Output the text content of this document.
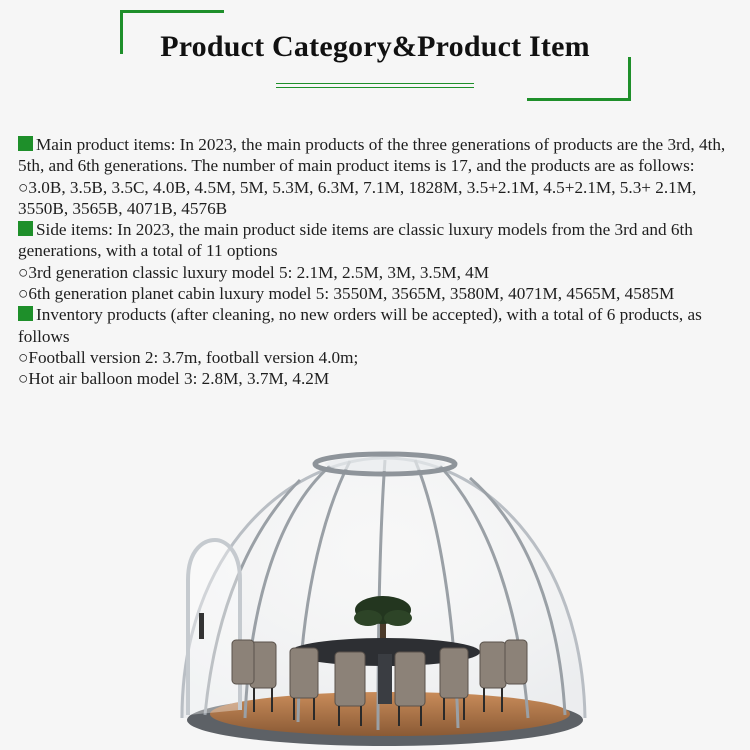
Product Category&Product Item

Main product items: In 2023, the main products of the three generations of products are the 3rd, 4th, 5th, and 6th generations. The number of main product items is 17, and the products are as follows:

○3.0B, 3.5B, 3.5C, 4.0B, 4.5M, 5M, 5.3M, 6.3M, 7.1M, 1828M, 3.5+2.1M, 4.5+2.1M, 5.3+ 2.1M, 3550B, 3565B, 4071B, 4576B

Side items: In 2023, the main product side items are classic luxury models from the 3rd and 6th generations, with a total of 11 options

○3rd generation classic luxury model 5: 2.1M, 2.5M, 3M, 3.5M, 4M

○6th generation planet cabin luxury model 5: 3550M, 3565M, 3580M, 4071M, 4565M, 4585M

Inventory products (after cleaning, no new orders will be accepted), with a total of 6 products, as follows

○Football version 2: 3.7m, football version 4.0m;

○Hot air balloon model 3: 2.8M, 3.7M, 4.2M
